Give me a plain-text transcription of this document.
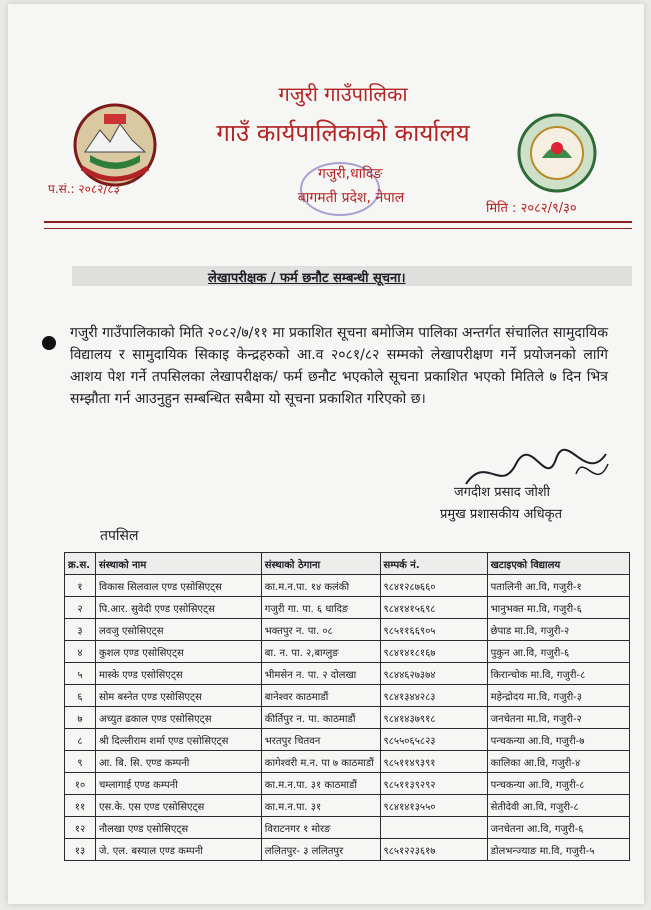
गजुरी गाउँपालिका
गाउँ कार्यपालिकाको कार्यालय
गजुरी,धादिङ
बागमती प्रदेश, नेपाल
प.सं.: २०८२/८३
मिति : २०८२/९/३०
लेखापरीक्षक / फर्म छनौट सम्बन्धी सूचना।
गजुरी गाउँपालिकाको मिति २०८२/७/११ मा प्रकाशित सूचना बमोजिम पालिका अन्तर्गत संचालित सामुदायिक विद्यालय र सामुदायिक सिकाइ केन्द्रहरुको आ.व २०८१/८२ सम्मको लेखापरीक्षण गर्ने प्रयोजनको लागि आशय पेश गर्ने तपसिलका लेखापरीक्षक/ फर्म छनौट भएकोले सूचना प्रकाशित भएको मितिले ७ दिन भित्र सम्झौता गर्न आउनुहुन सम्बन्धित सबैमा यो सूचना प्रकाशित गरिएको छ।
जगदीश प्रसाद जोशी
प्रमुख प्रशासकीय अधिकृत
तपसिल
क्र.स.	संस्थाको नाम	संस्थाको ठेगाना	सम्पर्क नं.	खटाइएको विद्यालय
१	विकास सिलवाल एण्ड एसोसिएट्स	का.म.न.पा. १४ कलंकी	९८४१२८७६६०	पतालिनी आ.वि, गजुरी-१
२	पि.आर. सुवेदी एण्ड एसोसिएट्स	गजुरी गा. पा. ६ धादिङ	९८४१४१५६९८	भानुभक्त मा.वि, गजुरी-६
३	लवजु एसोसिएट्स	भक्तपुर न. पा. ०८	९८५११६६९०५	छेपाड मा.वि, गजुरी-२
४	कुशल एण्ड एसोसिएट्स	बा. न. पा. २,बाग्लुङ	९८४१४१८१६७	पुकुन आ.वि, गजुरी-६
५	मास्के एण्ड एसोसिएट्स	भीमसेन न. पा. २ दोलखा	९८४४६२७३७४	किरान्चोक मा.वि, गजुरी-८
६	सोम बस्नेत एण्ड एसोसिएट्स	बानेश्वर काठमाडौं	९८४१३४४२८३	महेन्द्रोदय मा.वि, गजुरी-३
७	अच्युत ढकाल एण्ड एसोसिएट्स	कीर्तिपुर न. पा. काठमाडौं	९८४१४३७९१८	जनचेतना मा.वि, गजुरी-२
८	श्री दिल्लीराम शर्मा एण्ड एसोसिएट्स	भरतपुर चितवन	९८५५०६५८२३	पन्चकन्या आ.वि, गजुरी-७
९	आ. बि. सि. एण्ड कम्पनी	कागेश्वरी म.न. पा ७ काठमाडौं	९८५११४९३९१	कालिका आ.वि, गजुरी-४
१०	चम्लागाई एण्ड कम्पनी	का.म.न.पा. ३१ काठमाडौं	९८५११३९२९२	पन्चकन्या आ.वि, गजुरी-८
११	एस.के. एस एण्ड एसोसिएट्स	का.म.न.पा. ३१	९८४१४१३५५०	सेतीदेवी आ.वि, गजुरी-८
१२	नौलखा एण्ड एसोसिएट्स	विराटनगर १ मोरङ		जनचेतना आ.वि, गजुरी-६
१३	जे. एल. बस्याल एण्ड कम्पनी	ललितपुर- ३ ललितपुर	९८५१२२३६१७	डोलभन्ज्याङ मा.वि, गजुरी-५
